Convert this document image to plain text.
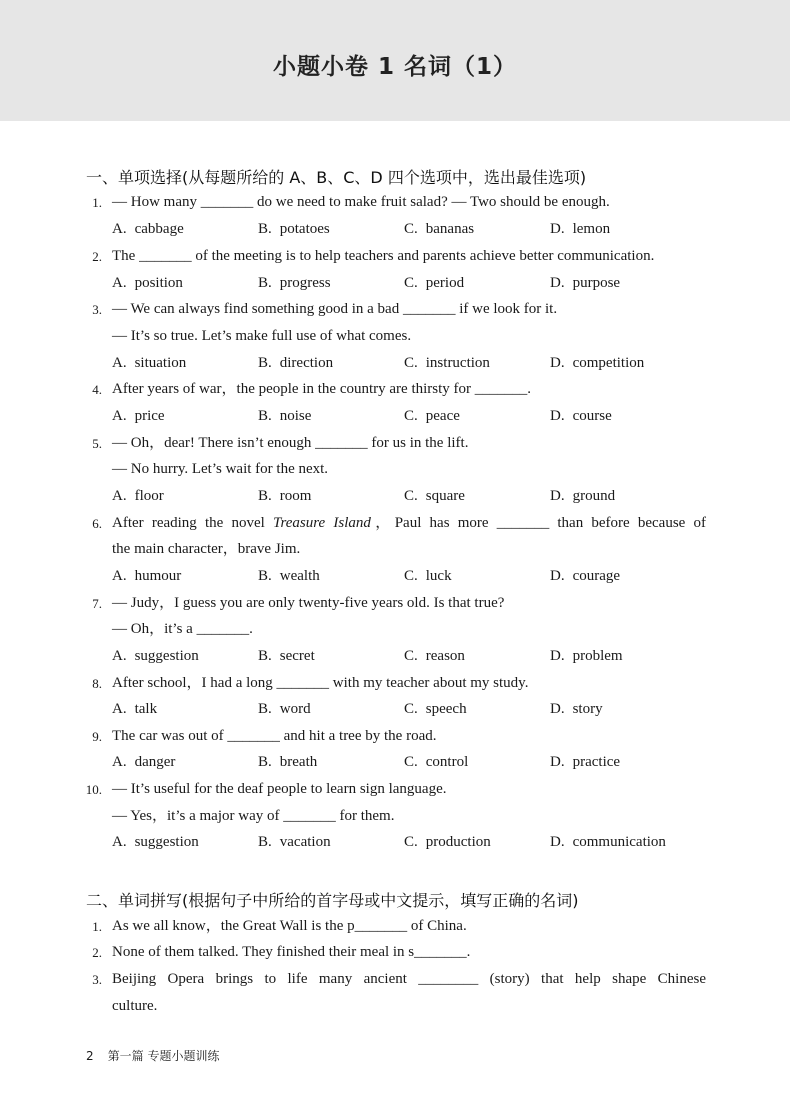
小题小卷 1 名词（1）
一、单项选择(从每题所给的 A、B、C、D 四个选项中，选出最佳选项)
1. — How many _______ do we need to make fruit salad? — Two should be enough.
A. cabbage	B. potatoes	C. bananas	D. lemon
2. The _______ of the meeting is to help teachers and parents achieve better communication.
A. position	B. progress	C. period	D. purpose
3. — We can always find something good in a bad _______ if we look for it.
— It’s so true. Let’s make full use of what comes.
A. situation	B. direction	C. instruction	D. competition
4. After years of war，the people in the country are thirsty for _______.
A. price	B. noise	C. peace	D. course
5. — Oh，dear! There isn’t enough _______ for us in the lift.
— No hurry. Let’s wait for the next.
A. floor	B. room	C. square	D. ground
6. After reading the novel Treasure Island，Paul has more _______ than before because of
the main character，brave Jim.
A. humour	B. wealth	C. luck	D. courage
7. — Judy，I guess you are only twenty-five years old. Is that true?
— Oh，it’s a _______.
A. suggestion	B. secret	C. reason	D. problem
8. After school，I had a long _______ with my teacher about my study.
A. talk	B. word	C. speech	D. story
9. The car was out of _______ and hit a tree by the road.
A. danger	B. breath	C. control	D. practice
10. — It’s useful for the deaf people to learn sign language.
— Yes，it’s a major way of _______ for them.
A. suggestion	B. vacation	C. production	D. communication
二、单词拼写(根据句子中所给的首字母或中文提示，填写正确的名词)
1. As we all know，the Great Wall is the p_______ of China.
2. None of them talked. They finished their meal in s_______.
3. Beijing Opera brings to life many ancient ________ (story) that help shape Chinese
culture.
2 第一篇 专题小题训练
